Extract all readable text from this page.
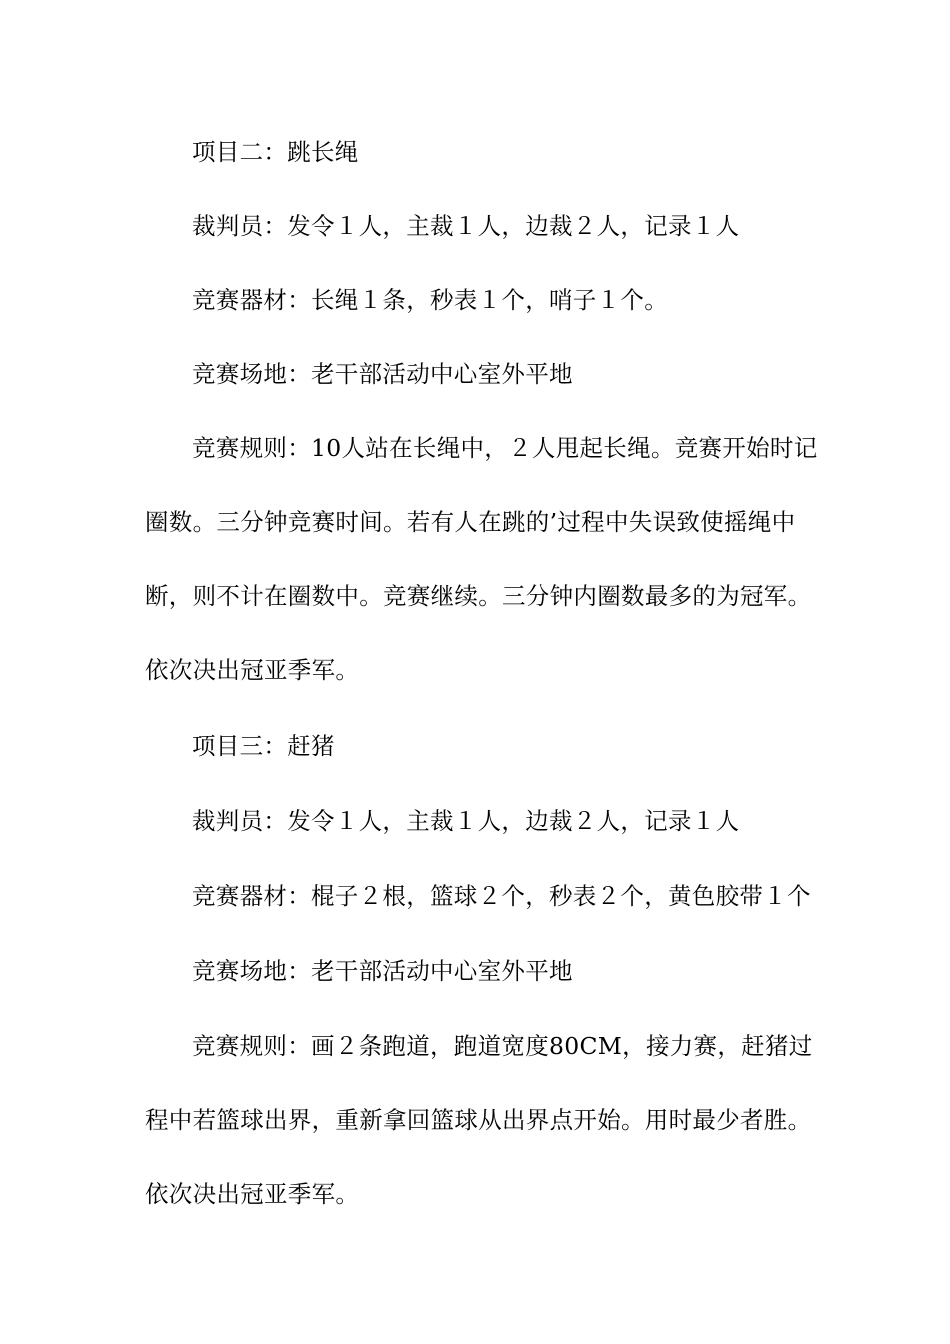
项目二：跳长绳

裁判员：发令１人，主裁１人，边裁２人，记录１人

竞赛器材：长绳１条，秒表１个，哨子１个。

竞赛场地：老干部活动中心室外平地

竞赛规则：10人站在长绳中，２人甩起长绳。竞赛开始时记圈数。三分钟竞赛时间。若有人在跳的’过程中失误致使摇绳中断，则不计在圈数中。竞赛继续。三分钟内圈数最多的为冠军。依次决出冠亚季军。

项目三：赶猪

裁判员：发令１人，主裁１人，边裁２人，记录１人

竞赛器材：棍子２根，篮球２个，秒表２个，黄色胶带１个

竞赛场地：老干部活动中心室外平地

竞赛规则：画２条跑道，跑道宽度80CM，接力赛，赶猪过程中若篮球出界，重新拿回篮球从出界点开始。用时最少者胜。依次决出冠亚季军。
